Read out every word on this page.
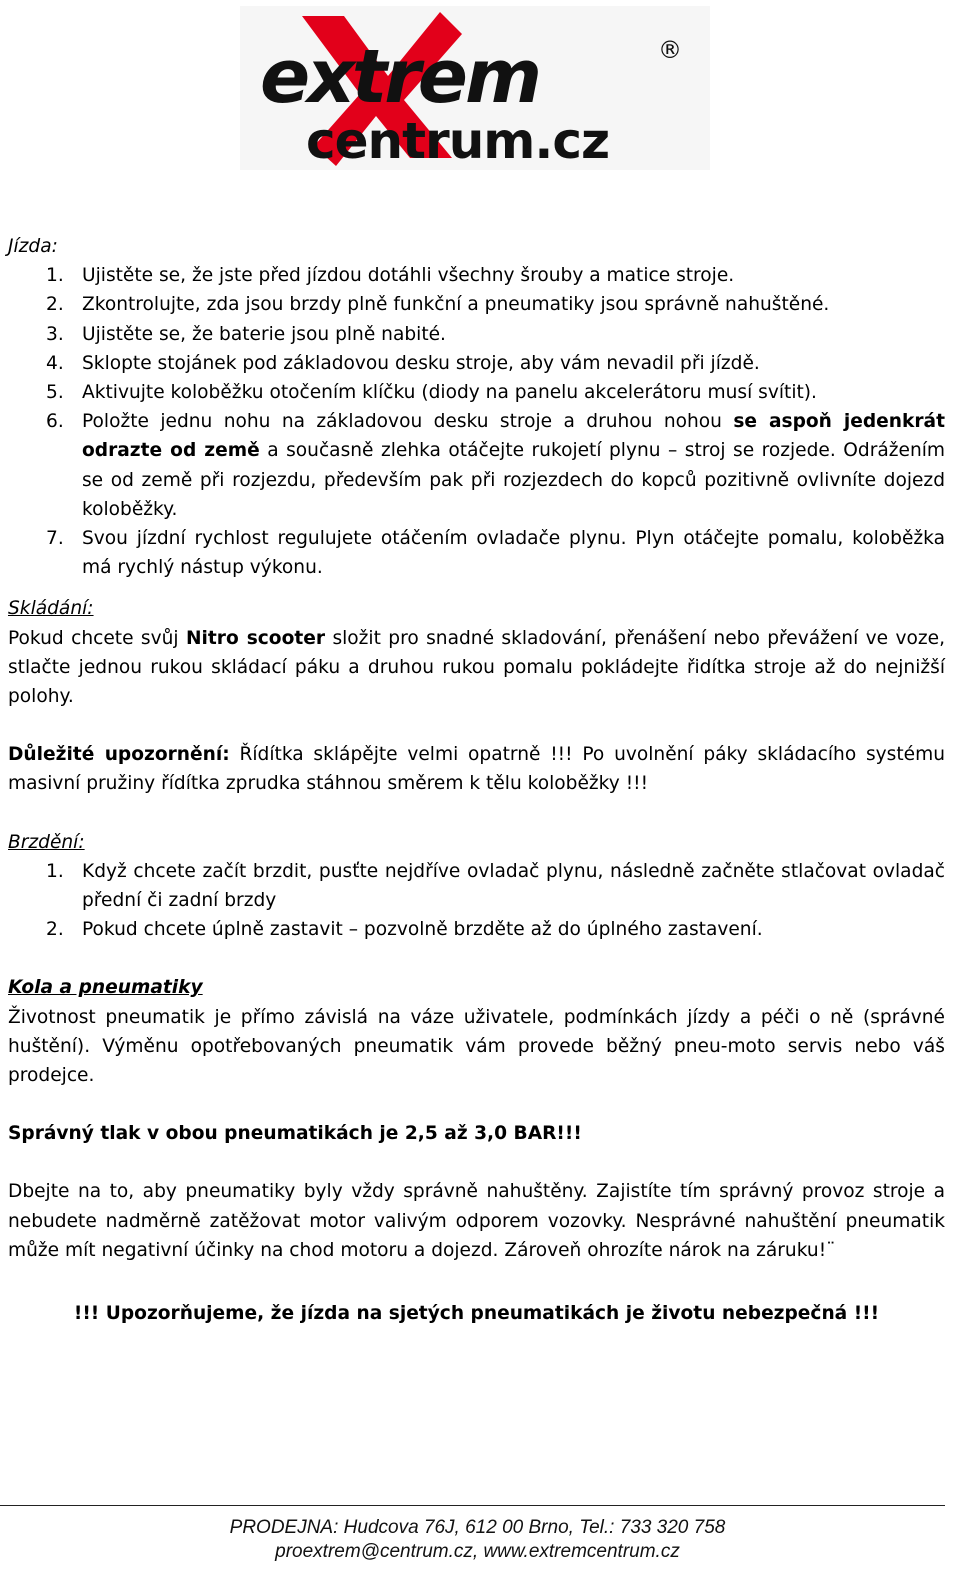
extrem
centrum.cz
®

Jízda:

1. Ujistěte se, že jste před jízdou dotáhli všechny šrouby a matice stroje.
2. Zkontrolujte, zda jsou brzdy plně funkční a pneumatiky jsou správně nahuštěné.
3. Ujistěte se, že baterie jsou plně nabité.
4. Sklopte stojánek pod základovou desku stroje, aby vám nevadil při jízdě.
5. Aktivujte koloběžku otočením klíčku (diody na panelu akcelerátoru musí svítit).
6. Položte jednu nohu na základovou desku stroje a druhou nohou se aspoň jedenkrát odrazte od země a současně zlehka otáčejte rukojetí plynu – stroj se rozjede. Odrážením se od země při rozjezdu, především pak při rozjezdech do kopců pozitivně ovlivníte dojezd koloběžky.
7. Svou jízdní rychlost regulujete otáčením ovladače plynu. Plyn otáčejte pomalu, koloběžka má rychlý nástup výkonu.

Skládání:

Pokud chcete svůj Nitro scooter složit pro snadné skladování, přenášení nebo převážení ve voze, stlačte jednou rukou skládací páku a druhou rukou pomalu pokládejte řidítka stroje až do nejnižší polohy.

Důležité upozornění: Řídítka sklápějte velmi opatrně !!! Po uvolnění páky skládacího systému masivní pružiny řídítka zprudka stáhnou směrem k tělu koloběžky !!!

Brzdění:

1. Když chcete začít brzdit, pusťte nejdříve ovladač plynu, následně začněte stlačovat ovladač přední či zadní brzdy
2. Pokud chcete úplně zastavit – pozvolně brzděte až do úplného zastavení.

Kola a pneumatiky

Životnost pneumatik je přímo závislá na váze uživatele, podmínkách jízdy a péči o ně (správné huštění). Výměnu opotřebovaných pneumatik vám provede běžný pneu-moto servis nebo váš prodejce.

Správný tlak v obou pneumatikách je 2,5 až 3,0 BAR!!!

Dbejte na to, aby pneumatiky byly vždy správně nahuštěny. Zajistíte tím správný provoz stroje a nebudete nadměrně zatěžovat motor valivým odporem vozovky. Nesprávné nahuštění pneumatik může mít negativní účinky na chod motoru a dojezd. Zároveň ohrozíte nárok na záruku!¨

!!! Upozorňujeme, že jízda na sjetých pneumatikách je životu nebezpečná !!!

PRODEJNA: Hudcova 76J, 612 00 Brno, Tel.: 733 320 758
proextrem@centrum.cz, www.extremcentrum.cz
